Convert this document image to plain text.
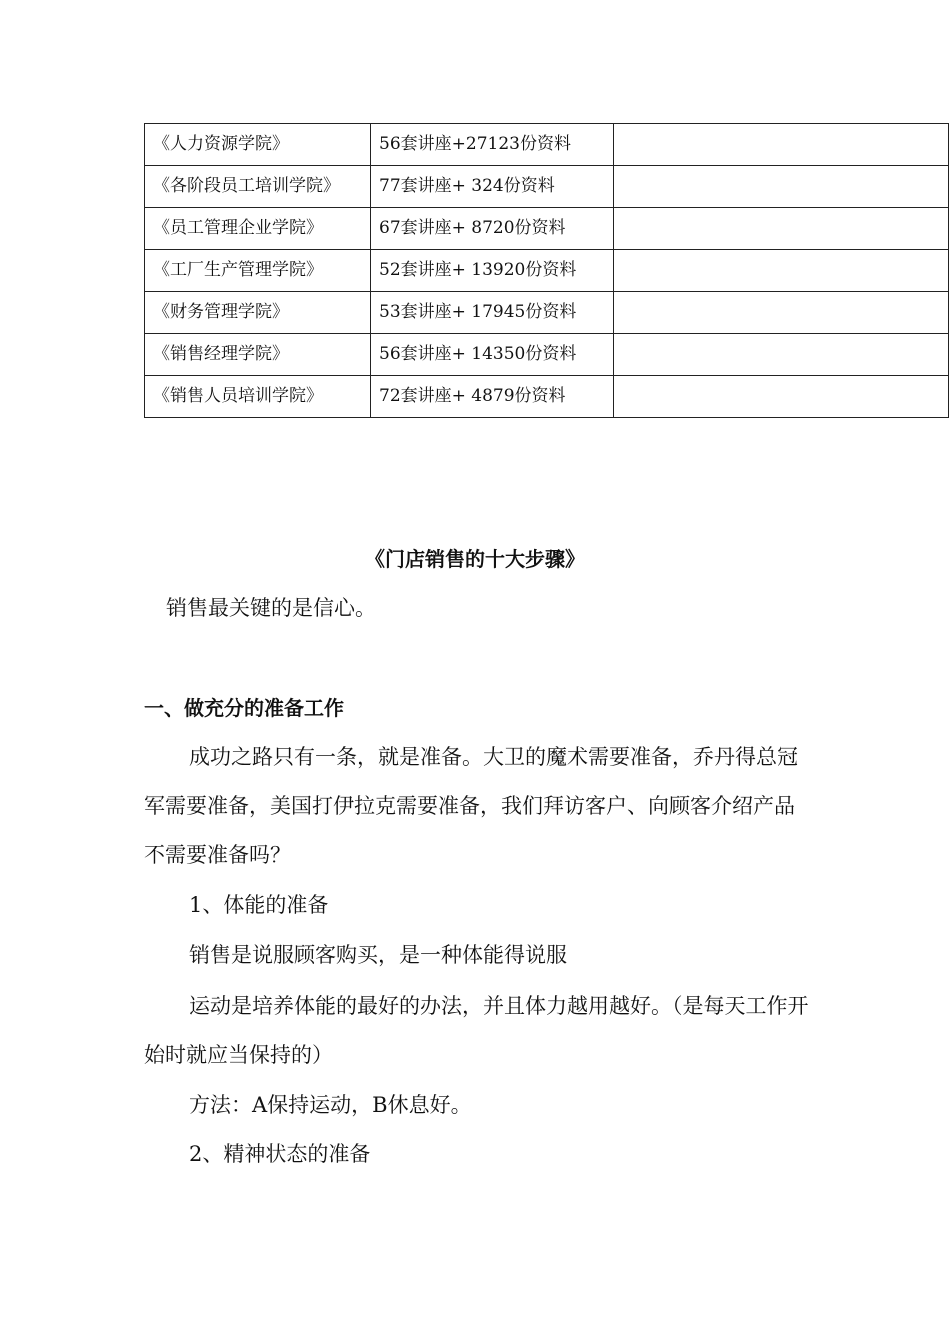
《人力资源学院》	56套讲座+27123份资料	
《各阶段员工培训学院》	77套讲座+ 324份资料	
《员工管理企业学院》	67套讲座+ 8720份资料	
《工厂生产管理学院》	52套讲座+ 13920份资料	
《财务管理学院》	53套讲座+ 17945份资料	
《销售经理学院》	56套讲座+ 14350份资料	
《销售人员培训学院》	72套讲座+ 4879份资料	
《门店销售的十大步骤》
销售最关键的是信心。
一、做充分的准备工作
成功之路只有一条，就是准备。大卫的魔术需要准备，乔丹得总冠军需要准备，美国打伊拉克需要准备，我们拜访客户、向顾客介绍产品不需要准备吗？
1、体能的准备
销售是说服顾客购买，是一种体能得说服
运动是培养体能的最好的办法，并且体力越用越好。（是每天工作开始时就应当保持的）
方法：A保持运动，B休息好。
2、精神状态的准备
